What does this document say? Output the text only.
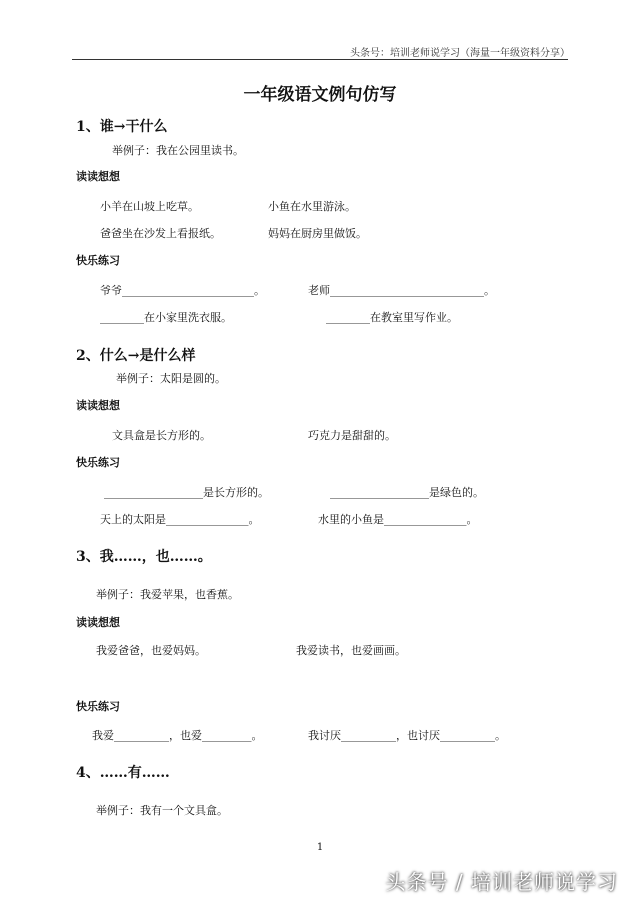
头条号：培训老师说学习（海量一年级资料分享）
一年级语文例句仿写
1、谁→干什么
举例子：我在公园里读书。
读读想想
小羊在山坡上吃草。	小鱼在水里游泳。
爸爸坐在沙发上看报纸。	妈妈在厨房里做饭。
快乐练习
爷爷________________________。	老师____________________________。
________在小家里洗衣服。	________在教室里写作业。
2、什么→是什么样
举例子：太阳是圆的。
读读想想
文具盒是长方形的。	巧克力是甜甜的。
快乐练习
__________________是长方形的。	__________________是绿色的。
天上的太阳是_______________。	水里的小鱼是_______________。
3、我……，也……。
举例子：我爱苹果，也香蕉。
读读想想
我爱爸爸，也爱妈妈。	我爱读书，也爱画画。
快乐练习
我爱__________，也爱_________。	我讨厌__________，也讨厌__________。
4、……有……
举例子：我有一个文具盒。
1
头条号 / 培训老师说学习
